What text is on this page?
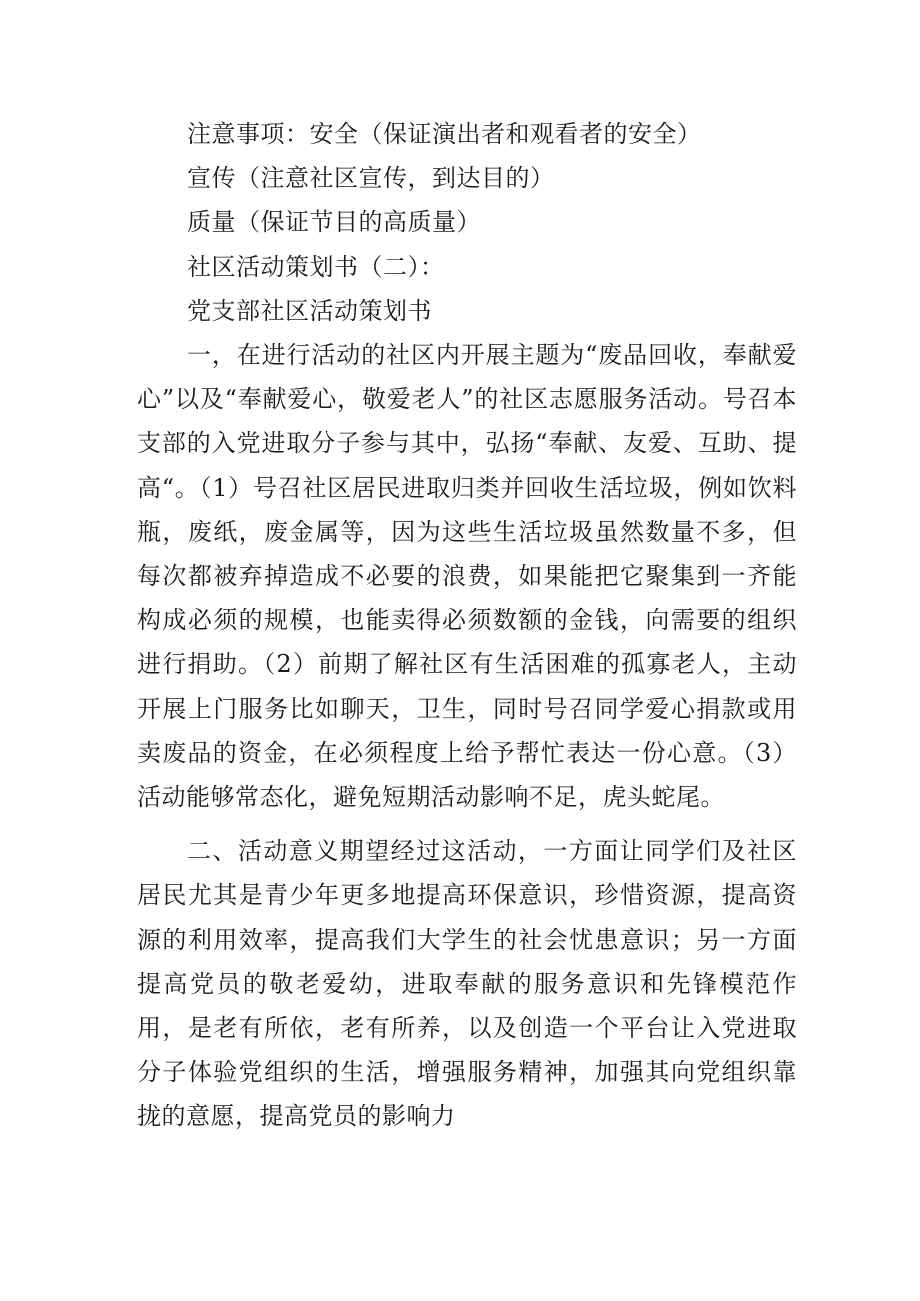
注意事项：安全（保证演出者和观看者的安全）

宣传（注意社区宣传，到达目的）

质量（保证节目的高质量）

社区活动策划书（二）：

党支部社区活动策划书

一，在进行活动的社区内开展主题为“废品回收，奉献爱心”以及“奉献爱心，敬爱老人”的社区志愿服务活动。号召本支部的入党进取分子参与其中，弘扬“奉献、友爱、互助、提高“。（1）号召社区居民进取归类并回收生活垃圾，例如饮料瓶，废纸，废金属等，因为这些生活垃圾虽然数量不多，但每次都被弃掉造成不必要的浪费，如果能把它聚集到一齐能构成必须的规模，也能卖得必须数额的金钱，向需要的组织进行捐助。（2）前期了解社区有生活困难的孤寡老人，主动开展上门服务比如聊天，卫生，同时号召同学爱心捐款或用卖废品的资金，在必须程度上给予帮忙表达一份心意。（3）活动能够常态化，避免短期活动影响不足，虎头蛇尾。

二、活动意义期望经过这活动，一方面让同学们及社区居民尤其是青少年更多地提高环保意识，珍惜资源，提高资源的利用效率，提高我们大学生的社会忧患意识；另一方面提高党员的敬老爱幼，进取奉献的服务意识和先锋模范作用，是老有所依，老有所养，以及创造一个平台让入党进取分子体验党组织的生活，增强服务精神，加强其向党组织靠拢的意愿，提高党员的影响力
